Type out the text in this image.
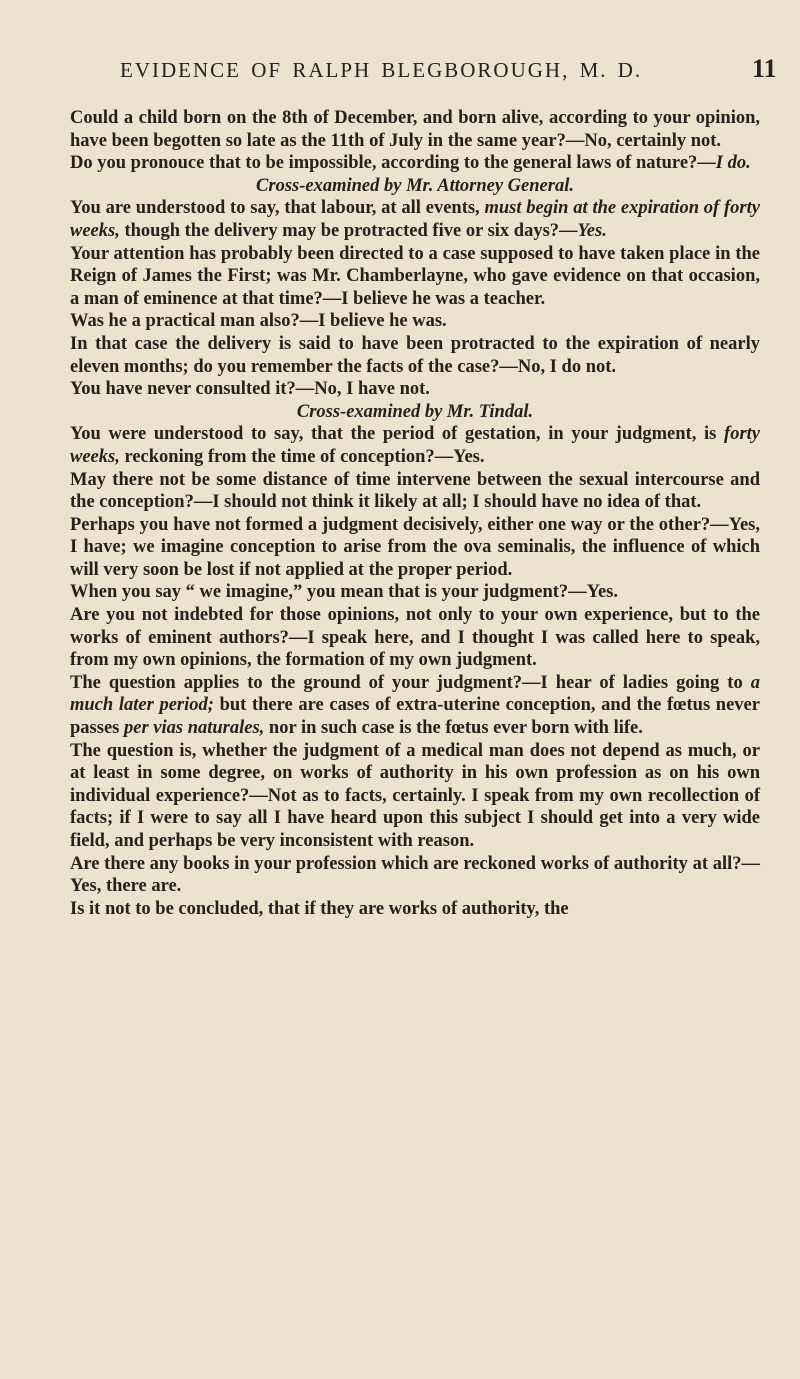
EVIDENCE OF RALPH BLEGBOROUGH, M. D.	11

Could a child born on the 8th of December, and born alive, according to your opinion, have been begotten so late as the 11th of July in the same year?—No, certainly not.

Do you pronouce that to be impossible, according to the general laws of nature?—I do.

Cross-examined by Mr. Attorney General.

You are understood to say, that labour, at all events, must begin at the expiration of forty weeks, though the delivery may be protracted five or six days?—Yes.

Your attention has probably been directed to a case supposed to have taken place in the Reign of James the First; was Mr. Chamberlayne, who gave evidence on that occasion, a man of eminence at that time?—I believe he was a teacher.

Was he a practical man also?—I believe he was.

In that case the delivery is said to have been protracted to the expiration of nearly eleven months; do you remember the facts of the case?—No, I do not.

You have never consulted it?—No, I have not.

Cross-examined by Mr. Tindal.

You were understood to say, that the period of gestation, in your judgment, is forty weeks, reckoning from the time of conception?—Yes.

May there not be some distance of time intervene between the sexual intercourse and the conception?—I should not think it likely at all; I should have no idea of that.

Perhaps you have not formed a judgment decisively, either one way or the other?—Yes, I have; we imagine conception to arise from the ova seminalis, the influence of which will very soon be lost if not applied at the proper period.

When you say “ we imagine,” you mean that is your judgment?—Yes.

Are you not indebted for those opinions, not only to your own experience, but to the works of eminent authors?—I speak here, and I thought I was called here to speak, from my own opinions, the formation of my own judgment.

The question applies to the ground of your judgment?—I hear of ladies going to a much later period; but there are cases of extra-uterine conception, and the fœtus never passes per vias naturales, nor in such case is the fœtus ever born with life.

The question is, whether the judgment of a medical man does not depend as much, or at least in some degree, on works of authority in his own profession as on his own individual experience?—Not as to facts, certainly. I speak from my own recollection of facts; if I were to say all I have heard upon this subject I should get into a very wide field, and perhaps be very inconsistent with reason.

Are there any books in your profession which are reckoned works of authority at all?—Yes, there are.

Is it not to be concluded, that if they are works of authority, the
